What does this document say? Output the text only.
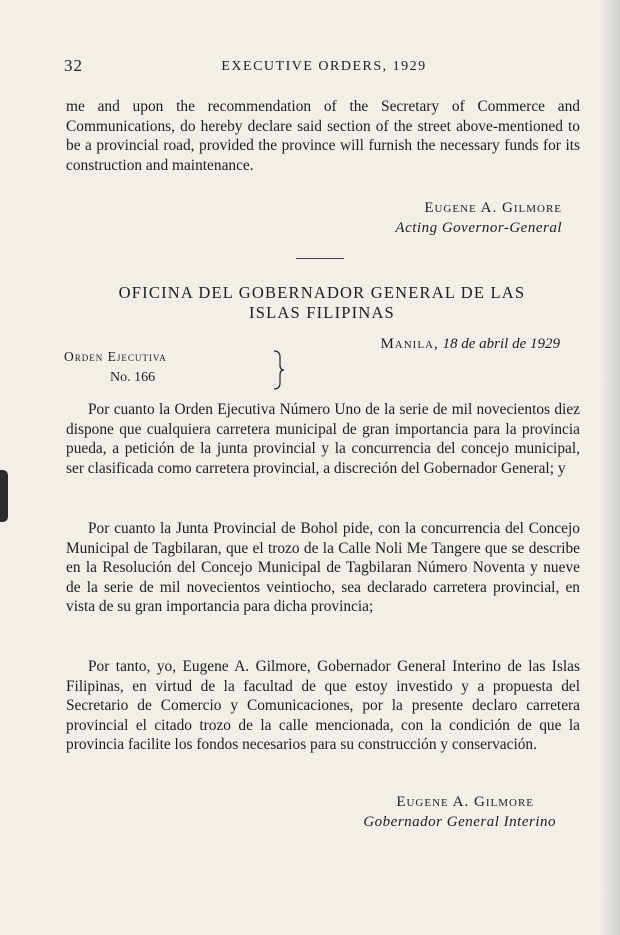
32	EXECUTIVE ORDERS, 1929
me and upon the recommendation of the Secretary of Commerce and Communications, do hereby declare said section of the street above-mentioned to be a provincial road, provided the province will furnish the necessary funds for its construction and maintenance.
Eugene A. Gilmore
Acting Governor-General
OFICINA DEL GOBERNADOR GENERAL DE LAS
ISLAS FILIPINAS
Manila, 18 de abril de 1929
Orden Ejecutiva
No. 166
Por cuanto la Orden Ejecutiva Número Uno de la serie de mil novecientos diez dispone que cualquiera carretera municipal de gran importancia para la provincia pueda, a petición de la junta provincial y la concurrencia del concejo municipal, ser clasificada como carretera provincial, a discreción del Gobernador General; y
Por cuanto la Junta Provincial de Bohol pide, con la concurrencia del Concejo Municipal de Tagbilaran, que el trozo de la Calle Noli Me Tangere que se describe en la Resolución del Concejo Municipal de Tagbilaran Número Noventa y nueve de la serie de mil novecientos veintiocho, sea declarado carretera provincial, en vista de su gran importancia para dicha provincia;
Por tanto, yo, Eugene A. Gilmore, Gobernador General Interino de las Islas Filipinas, en virtud de la facultad de que estoy investido y a propuesta del Secretario de Comercio y Comunicaciones, por la presente declaro carretera provincial el citado trozo de la calle mencionada, con la condición de que la provincia facilite los fondos necesarios para su construcción y conservación.
Eugene A. Gilmore
Gobernador General Interino
